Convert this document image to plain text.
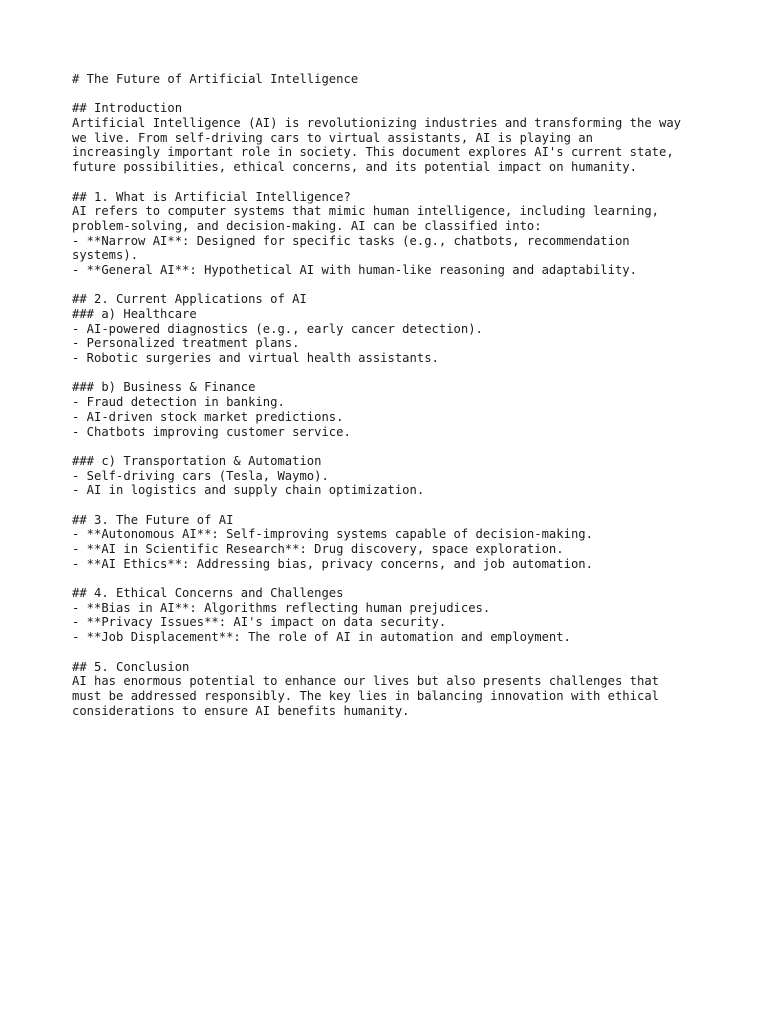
# The Future of Artificial Intelligence
## Introduction
Artificial Intelligence (AI) is revolutionizing industries and transforming the way
we live. From self-driving cars to virtual assistants, AI is playing an
increasingly important role in society. This document explores AI's current state,
future possibilities, ethical concerns, and its potential impact on humanity.
## 1. What is Artificial Intelligence?
AI refers to computer systems that mimic human intelligence, including learning,
problem-solving, and decision-making. AI can be classified into:
- **Narrow AI**: Designed for specific tasks (e.g., chatbots, recommendation
systems).
- **General AI**: Hypothetical AI with human-like reasoning and adaptability.
## 2. Current Applications of AI
### a) Healthcare
- AI-powered diagnostics (e.g., early cancer detection).
- Personalized treatment plans.
- Robotic surgeries and virtual health assistants.
### b) Business & Finance
- Fraud detection in banking.
- AI-driven stock market predictions.
- Chatbots improving customer service.
### c) Transportation & Automation
- Self-driving cars (Tesla, Waymo).
- AI in logistics and supply chain optimization.
## 3. The Future of AI
- **Autonomous AI**: Self-improving systems capable of decision-making.
- **AI in Scientific Research**: Drug discovery, space exploration.
- **AI Ethics**: Addressing bias, privacy concerns, and job automation.
## 4. Ethical Concerns and Challenges
- **Bias in AI**: Algorithms reflecting human prejudices.
- **Privacy Issues**: AI's impact on data security.
- **Job Displacement**: The role of AI in automation and employment.
## 5. Conclusion
AI has enormous potential to enhance our lives but also presents challenges that
must be addressed responsibly. The key lies in balancing innovation with ethical
considerations to ensure AI benefits humanity.
